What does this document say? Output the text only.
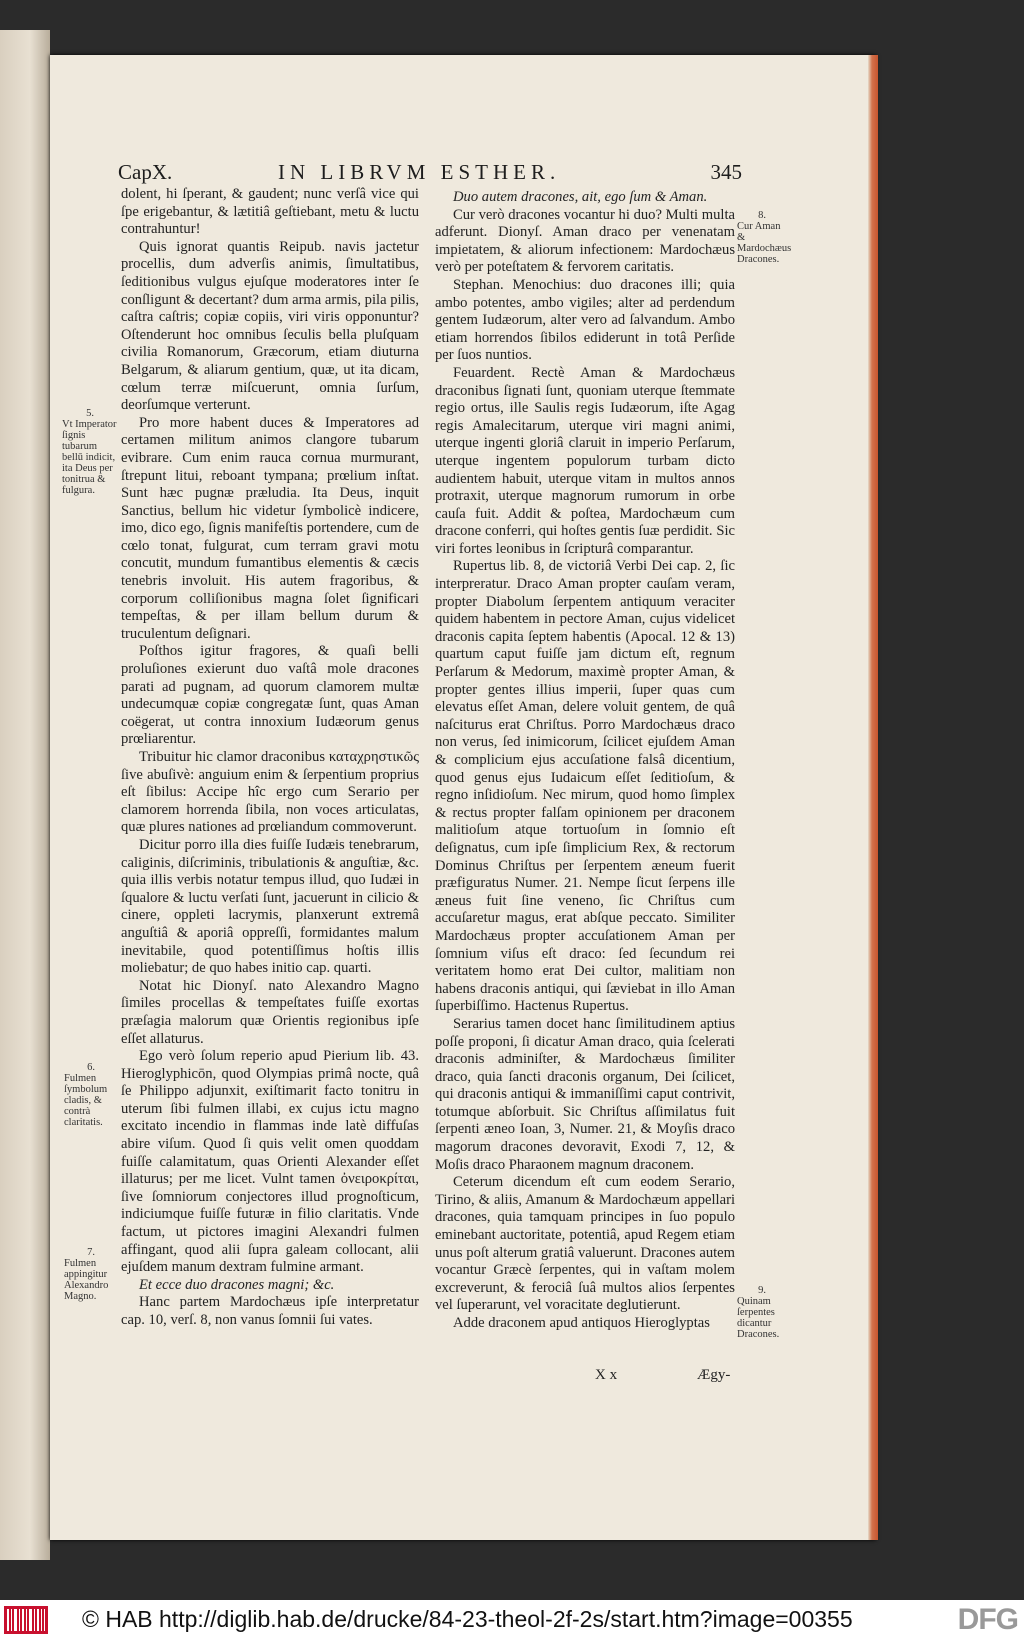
CapX.	IN LIBRVM ESTHER.	345

dolent, hi ſperant, & gaudent; nunc verſâ vice qui ſpe erigebantur, & lætitiâ geſtiebant, metu & luctu contrahuntur!

Quis ignorat quantis Reipub. navis jactetur procellis, dum adverſis animis, ſimultatibus, ſeditionibus vulgus ejuſque moderatores inter ſe conſligunt & decertant? dum arma armis, pila pilis, caſtra caſtris; copiæ copiis, viri viris opponuntur? Oſtenderunt hoc omnibus ſeculis bella pluſquam civilia Romanorum, Græcorum, etiam diuturna Belgarum, & aliarum gentium, quæ, ut ita dicam, cœlum terræ miſcuerunt, omnia ſurſum, deorſumque verterunt.

Pro more habent duces & Imperatores ad certamen militum animos clangore tubarum evibrare. Cum enim rauca cornua murmurant, ſtrepunt litui, reboant tympana; prœlium inſtat. Sunt hæc pugnæ præludia. Ita Deus, inquit Sanctius, bellum hic videtur ſymbolicè indicere, imo, dico ego, ſignis manifeſtis portendere, cum de cœlo tonat, fulgurat, cum terram gravi motu concutit, mundum fumantibus elementis & cæcis tenebris involuit. His autem fragoribus, & corporum colliſionibus magna ſolet ſignificari tempeſtas, & per illam bellum durum & truculentum deſignari.

Poſthos igitur fragores, & quaſi belli proluſiones exierunt duo vaſtâ mole dracones parati ad pugnam, ad quorum clamorem multæ undecumquæ copiæ congregatæ ſunt, quas Aman coëgerat, ut contra innoxium Iudæorum genus prœliarentur.

Tribuitur hic clamor draconibus καταχρηστικῶς ſive abuſivè: anguium enim & ſerpentium proprius eſt ſibilus: Accipe hîc ergo cum Serario per clamorem horrenda ſibila, non voces articulatas, quæ plures nationes ad prœliandum commoverunt.

Dicitur porro illa dies fuiſſe Iudæis tenebrarum, caliginis, diſcriminis, tribulationis & anguſtiæ, &c. quia illis verbis notatur tempus illud, quo Iudæi in ſqualore & luctu verſati ſunt, jacuerunt in cilicio & cinere, oppleti lacrymis, planxerunt extremâ anguſtiâ & aporiâ oppreſſi, formidantes malum inevitabile, quod potentiſſimus hoſtis illis moliebatur; de quo habes initio cap. quarti.

Notat hic Dionyſ. nato Alexandro Magno ſimiles procellas & tempeſtates fuiſſe exortas præſagia malorum quæ Orientis regionibus ipſe eſſet allaturus.

Ego verò ſolum reperio apud Pierium lib. 43. Hieroglyphicōn, quod Olympias primâ nocte, quâ ſe Philippo adjunxit, exiſtimarit facto tonitru in uterum ſibi fulmen illabi, ex cujus ictu magno excitato incendio in flammas inde latè diffuſas abire viſum. Quod ſi quis velit omen quoddam fuiſſe calamitatum, quas Orienti Alexander eſſet illaturus; per me licet. Vulnt tamen ὀνειροκρίται, ſive ſomniorum conjectores illud prognoſticum, indiciumque fuiſſe futuræ in filio claritatis. Vnde factum, ut pictores imagini Alexandri fulmen affingant, quod alii ſupra galeam collocant, alii ejuſdem manum dextram fulmine armant.

Et ecce duo dracones magni; &c.

Hanc partem Mardochæus ipſe interpretatur cap. 10, verſ. 8, non vanus ſomnii ſui vates.

Duo autem dracones, ait, ego ſum & Aman.

Cur verò dracones vocantur hi duo? Multi multa adferunt. Dionyſ. Aman draco per venenatam impietatem, & aliorum infectionem: Mardochæus verò per poteſtatem & fervorem caritatis.

Stephan. Menochius: duo dracones illi; quia ambo potentes, ambo vigiles; alter ad perdendum gentem Iudæorum, alter vero ad ſalvandum. Ambo etiam horrendos ſibilos ediderunt in totâ Perſide per ſuos nuntios.

Feuardent. Rectè Aman & Mardochæus draconibus ſignati ſunt, quoniam uterque ſtemmate regio ortus, ille Saulis regis Iudæorum, iſte Agag regis Amalecitarum, uterque viri magni animi, uterque ingenti gloriâ claruit in imperio Perſarum, uterque ingentem populorum turbam dicto audientem habuit, uterque vitam in multos annos protraxit, uterque magnorum rumorum in orbe cauſa fuit. Addit & poſtea, Mardochæum cum dracone conferri, qui hoſtes gentis ſuæ perdidit. Sic viri fortes leonibus in ſcripturâ comparantur.

Rupertus lib. 8, de victoriâ Verbi Dei cap. 2, ſic interpreratur. Draco Aman propter cauſam veram, propter Diabolum ſerpentem antiquum veraciter quidem habentem in pectore Aman, cujus videlicet draconis capita ſeptem habentis (Apocal. 12 & 13) quartum caput fuiſſe jam dictum eſt, regnum Perſarum & Medorum, maximè propter Aman, & propter gentes illius imperii, ſuper quas cum elevatus eſſet Aman, delere voluit gentem, de quâ naſciturus erat Chriſtus. Porro Mardochæus draco non verus, ſed inimicorum, ſcilicet ejuſdem Aman & complicium ejus accuſatione falsâ dicentium, quod genus ejus Iudaicum eſſet ſeditioſum, & regno inſidioſum. Nec mirum, quod homo ſimplex & rectus propter falſam opinionem per draconem malitioſum atque tortuoſum in ſomnio eſt deſignatus, cum ipſe ſimplicium Rex, & rectorum Dominus Chriſtus per ſerpentem æneum fuerit præfiguratus Numer. 21. Nempe ſicut ſerpens ille æneus fuit ſine veneno, ſic Chriſtus cum accuſaretur magus, erat abſque peccato. Similiter Mardochæus propter accuſationem Aman per ſomnium viſus eſt draco: ſed ſecundum rei veritatem homo erat Dei cultor, malitiam non habens draconis antiqui, qui ſæviebat in illo Aman ſuperbiſſimo. Hactenus Rupertus.

Serarius tamen docet hanc ſimilitudinem aptius poſſe proponi, ſi dicatur Aman draco, quia ſcelerati draconis adminiſter, & Mardochæus ſimiliter draco, quia ſancti draconis organum, Dei ſcilicet, qui draconis antiqui & immaniſſimi caput contrivit, totumque abſorbuit. Sic Chriſtus aſſimilatus fuit ſerpenti æneo Ioan, 3, Numer. 21, & Moyſis draco magorum dracones devoravit, Exodi 7, 12, & Moſis draco Pharaonem magnum draconem.

Ceterum dicendum eſt cum eodem Serario, Tirino, & aliis, Amanum & Mardochæum appellari dracones, quia tamquam principes in ſuo populo eminebant auctoritate, potentiâ, apud Regem etiam unus poſt alterum gratiâ valuerunt. Dracones autem vocantur Græcè ſerpentes, qui in vaſtam molem excreverunt, & ferociâ ſuâ multos alios ſerpentes vel ſuperarunt, vel voracitate deglutierunt.

Adde draconem apud antiquos Hieroglyptas

5.
Vt Imperator ſignis tubarum bellū indicit, ita Deus per tonitrua & fulgura.
6.
Fulmen ſymbolum cladis, & contrà claritatis.
7.
Fulmen appingitur Alexandro Magno.
8.
Cur Aman & Mardochæus Dracones.
9.
Quinam ſerpentes dicantur Dracones.
X x	Ægy-
© HAB http://diglib.hab.de/drucke/84-23-theol-2f-2s/start.htm?image=00355	DFG
